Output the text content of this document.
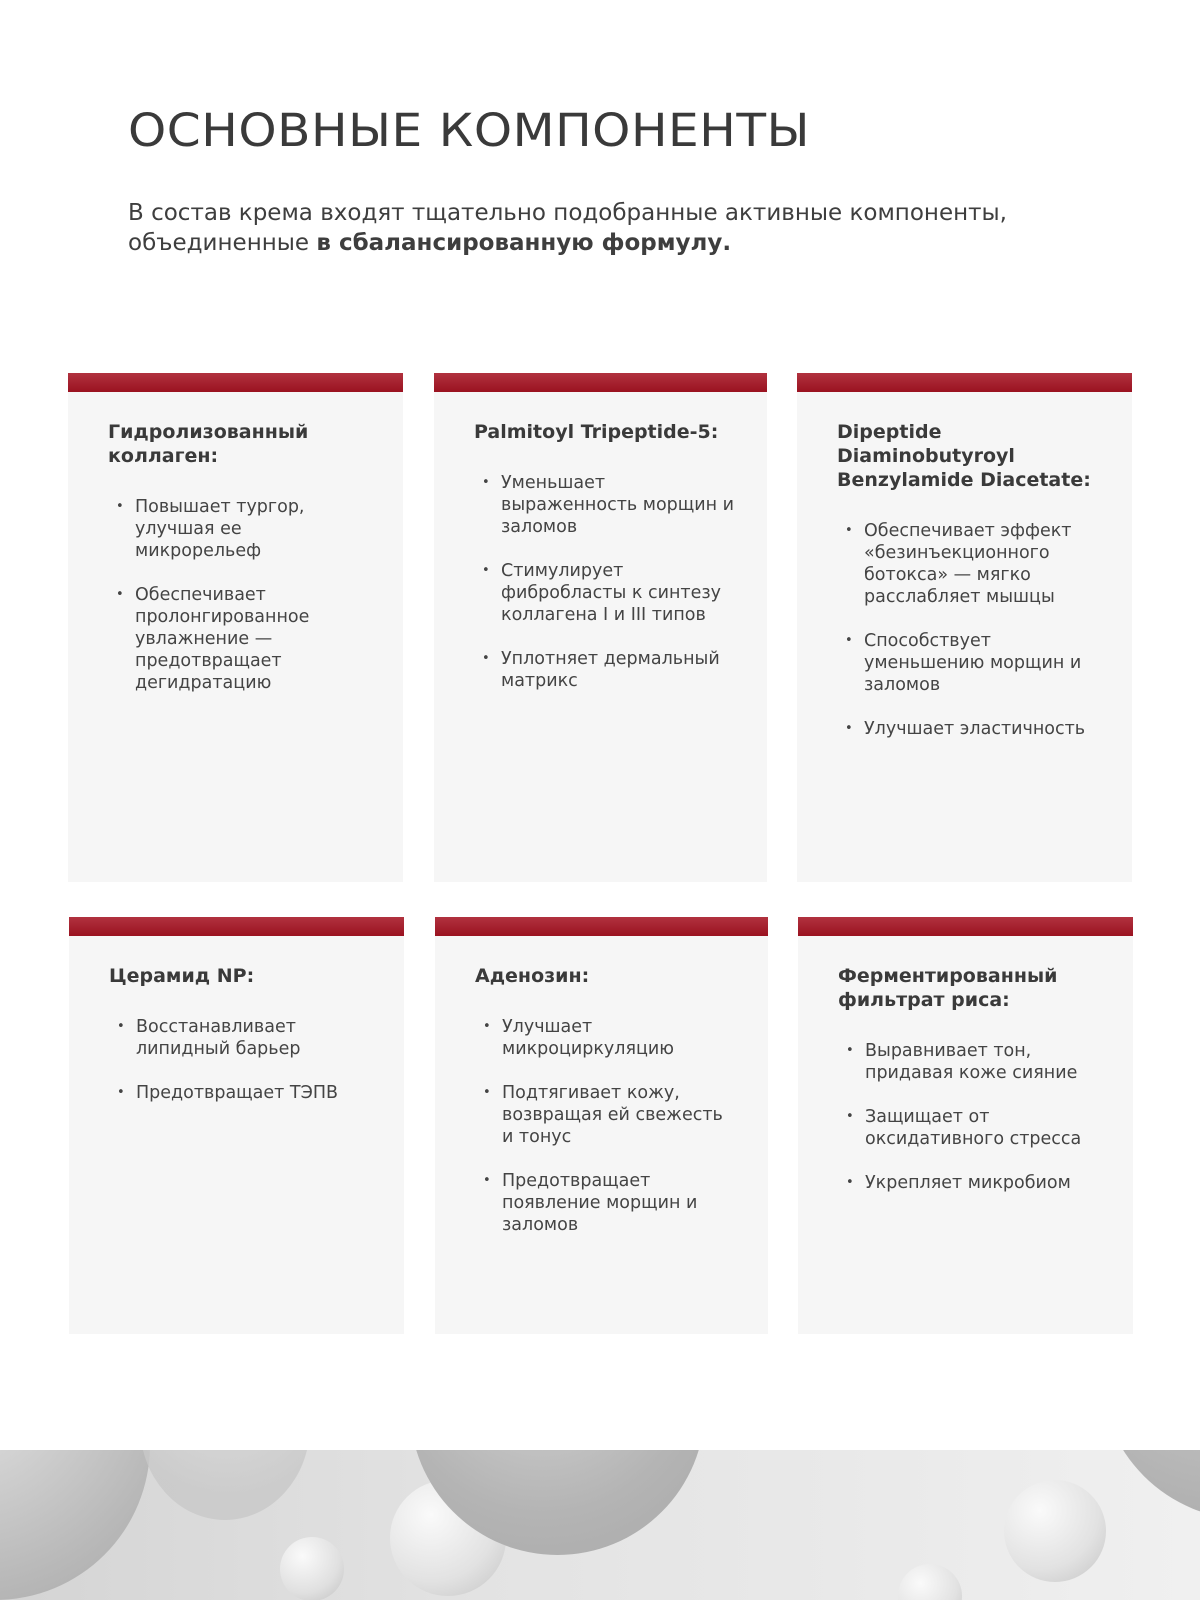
ОСНОВНЫЕ КОМПОНЕНТЫ

В состав крема входят тщательно подобранные активные компоненты, объединенные в сбалансированную формулу.

Гидролизованный коллаген:
• Повышает тургор, улучшая ее микрорельеф
• Обеспечивает пролонгированное увлажнение — предотвращает дегидратацию
Palmitoyl Tripeptide-5:
• Уменьшает выраженность морщин и заломов
• Стимулирует фибробласты к синтезу коллагена I и III типов
• Уплотняет дермальный матрикс
Dipeptide Diaminobutyroyl Benzylamide Diacetate:
• Обеспечивает эффект «безинъекционного ботокса» — мягко расслабляет мышцы
• Способствует уменьшению морщин и заломов
• Улучшает эластичность
Церамид NP:
• Восстанавливает липидный барьер
• Предотвращает ТЭПВ
Аденозин:
• Улучшает микроциркуляцию
• Подтягивает кожу, возвращая ей свежесть и тонус
• Предотвращает появление морщин и заломов
Ферментированный фильтрат риса:
• Выравнивает тон, придавая коже сияние
• Защищает от оксидативного стресса
• Укрепляет микробиом
